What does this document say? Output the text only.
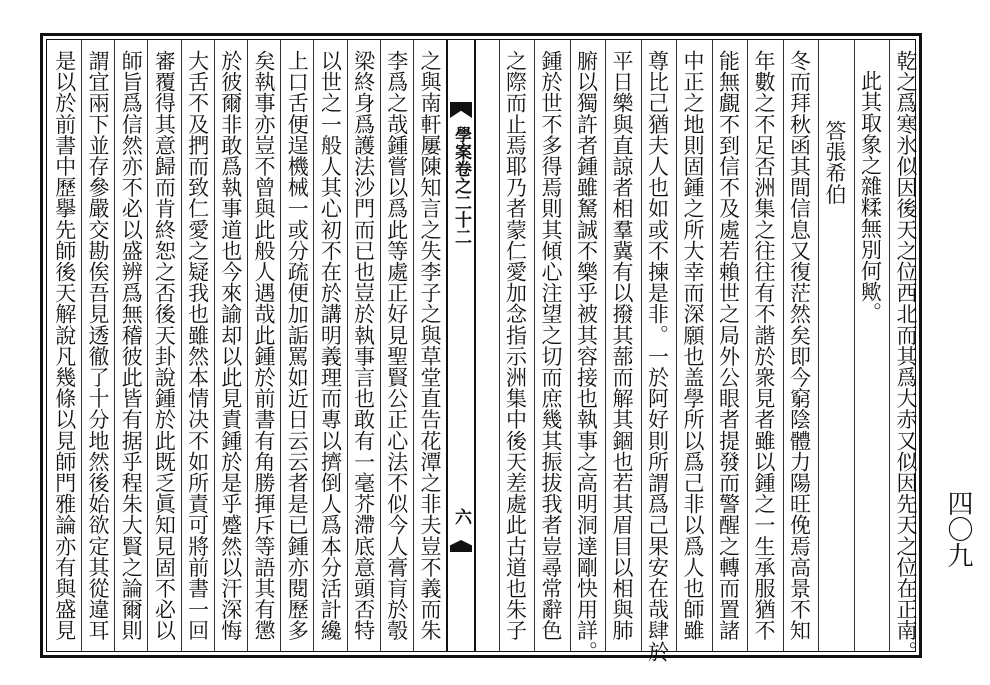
學案卷之二十二
六	乾之爲寒氷似因後天之位西北而其爲大赤又似因先天之位在正南。
此其取象之雜糅無別何歟。
答張希伯
冬而拜秋函其間信息又復茫然矣即今窮陰體力陽旺俛焉高景不知
年數之不足否洲集之往往有不諧於衆見者雖以鍾之一生承服猶不
能無覰不到信不及處若賴世之局外公眼者提發而警醒之轉而置諸
中正之地則固鍾之所大幸而深願也盖學所以爲己非以爲人也師雖
尊比己猶夫人也如或不揀是非。一於阿好則所謂爲己果安在哉肆於
平日樂與直諒者相羣冀有以撥其蔀而解其錮也若其眉目以相與肺
腑以獨許者鍾雖駑誠不樂乎被其容接也執事之高明洞達剛快用詳。
鍾於世不多得焉則其傾心注望之切而庶幾其振拔我者豈尋常辭色
之際而止焉耶乃者蒙仁愛加念指示洲集中後天差處此古道也朱子
之與南軒屢陳知言之失李子之與草堂直告花潭之非夫豈不義而朱
李爲之哉鍾嘗以爲此等處正好見聖賢公正心法不似今人膏肓於彀
梁終身爲護法沙門而已也豈於執事言也敢有一毫芥滯底意頭否特
以世之一般人其心初不在於講明義理而專以擠倒人爲本分活計纔
上口舌便逞機械一或分疏便加詬罵如近日云云者是已鍾亦閱歷多
矣執事亦豈不曾與此般人遇哉此鍾於前書有角勝揮斥等語其有懲
於彼爾非敢爲執事道也今來諭却以此見責鍾於是乎蹙然以汗深悔
大舌不及捫而致仁愛之疑我也雖然本情决不如所責可將前書一回
審覆得其意歸而肯終恕之否後天卦說鍾於此既乏眞知見固不必以
師旨爲信然亦不必以盛辨爲無稽彼此皆有据乎程朱大賢之論爾則
謂宜兩下並存參嚴交勘俟吾見透徹了十分地然後始欲定其從違耳
是以於前書中歷擧先師後天解說凡幾條以見師門雅論亦有與盛見	四〇九
